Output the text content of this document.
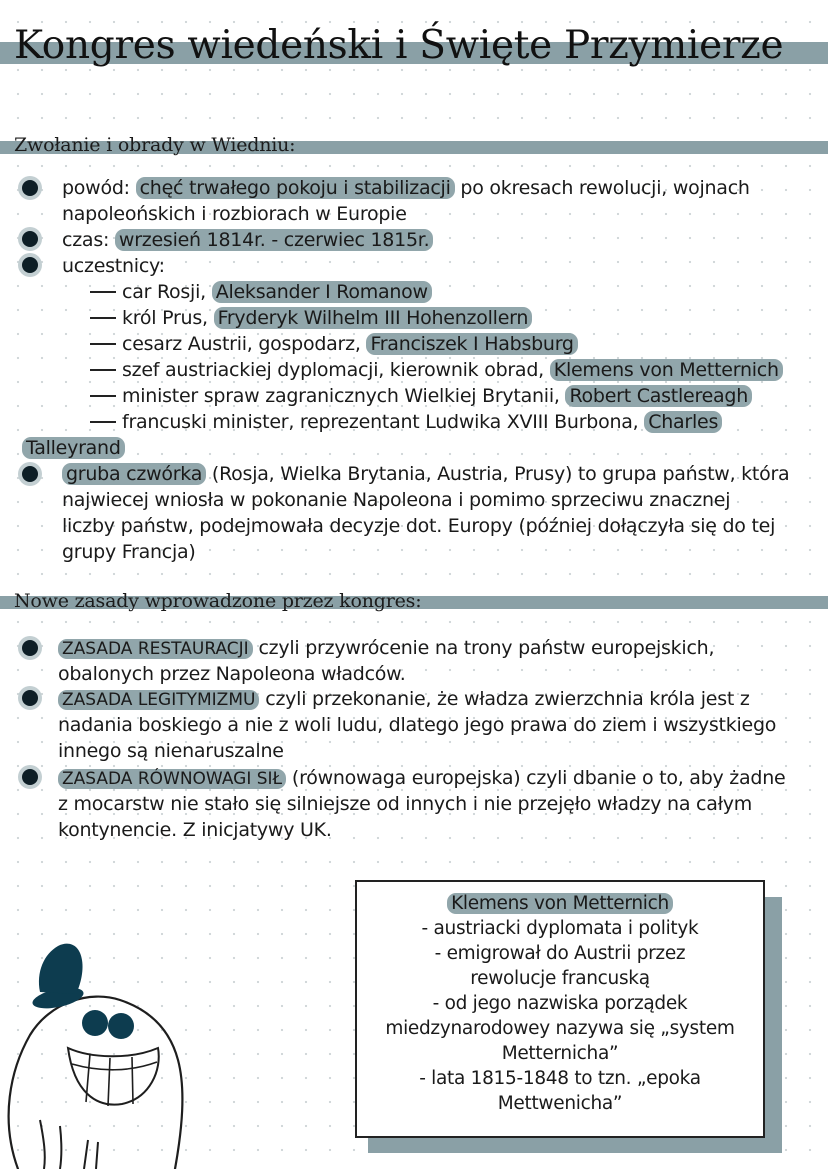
Kongres wiedeński i Święte Przymierze
Zwołanie i obrady w Wiedniu:

powód: chęć trwałego pokoju i stabilizacji po okresach rewolucji, wojnach

napoleońskich i rozbiorach w Europie

czas: wrzesień 1814r. - czerwiec 1815r.

uczestnicy:

car Rosji, Aleksander I Romanow

król Prus, Fryderyk Wilhelm III Hohenzollern

cesarz Austrii, gospodarz, Franciszek I Habsburg

szef austriackiej dyplomacji, kierownik obrad, Klemens von Metternich

minister spraw zagranicznych Wielkiej Brytanii, Robert Castlereagh

francuski minister, reprezentant Ludwika XVIII Burbona, Charles

Talleyrand

gruba czwórka (Rosja, Wielka Brytania, Austria, Prusy) to grupa państw, która

najwiecej wniosła w pokonanie Napoleona i pomimo sprzeciwu znacznej

liczby państw, podejmowała decyzje dot. Europy (później dołączyła się do tej

grupy Francja)

Nowe zasady wprowadzone przez kongres:

ZASADA RESTAURACJI czyli przywrócenie na trony państw europejskich,

obalonych przez Napoleona władców.

ZASADA LEGITYMIZMU czyli przekonanie, że władza zwierzchnia króla jest z

nadania boskiego a nie z woli ludu, dlatego jego prawa do ziem i wszystkiego

innego są nienaruszalne

ZASADA RÓWNOWAGI SIŁ (równowaga europejska) czyli dbanie o to, aby żadne

z mocarstw nie stało się silniejsze od innych i nie przejęło władzy na całym

kontynencie. Z inicjatywy UK.

Klemens von Metternich

- austriacki dyplomata i polityk

- emigrował do Austrii przez

rewolucje francuską

- od jego nazwiska porządek

miedzynarodowey nazywa się „system

Metternicha”

- lata 1815-1848 to tzn. „epoka

Mettwenicha”
